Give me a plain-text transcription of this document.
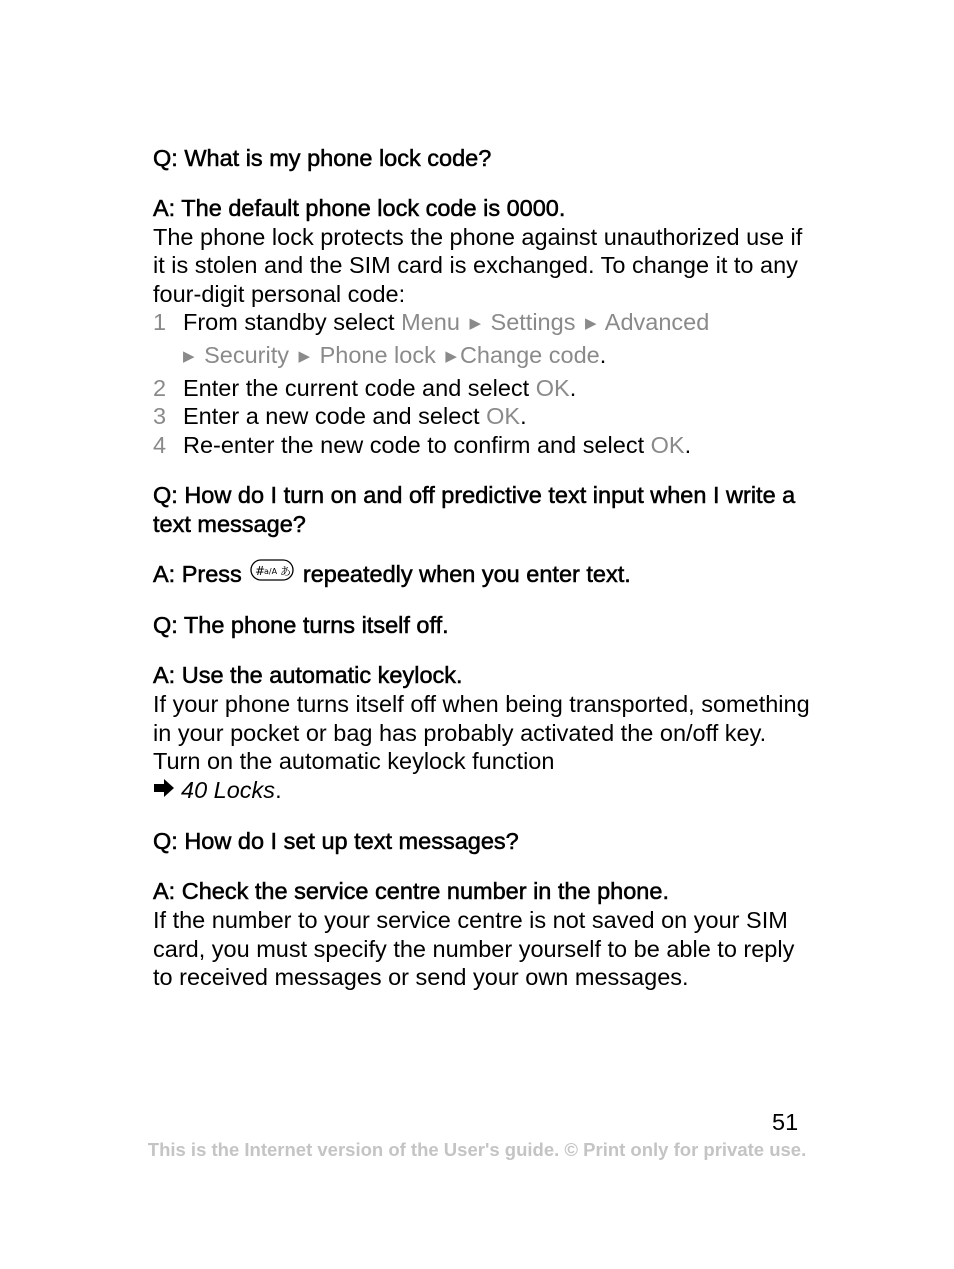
Q: What is my phone lock code?

A: The default phone lock code is 0000.

The phone lock protects the phone against unauthorized use if it is stolen and the SIM card is exchanged. To change it to any four-digit personal code:

1 From standby select Menu ▶ Settings ▶ Advanced
▶ Security ▶ Phone lock ▶ Change code.
2 Enter the current code and select OK.
3 Enter a new code and select OK.
4 Re-enter the new code to confirm and select OK.

Q: How do I turn on and off predictive text input when I write a text message?

A: Press #
a/A あ repeatedly when you enter text.

Q: The phone turns itself off.

A: Use the automatic keylock.

If your phone turns itself off when being transported, something in your pocket or bag has probably activated the on/off key. Turn on the automatic keylock function
40 Locks.

Q: How do I set up text messages?

A: Check the service centre number in the phone.

If the number to your service centre is not saved on your SIM card, you must specify the number yourself to be able to reply to received messages or send your own messages.

51
This is the Internet version of the User's guide. © Print only for private use.
